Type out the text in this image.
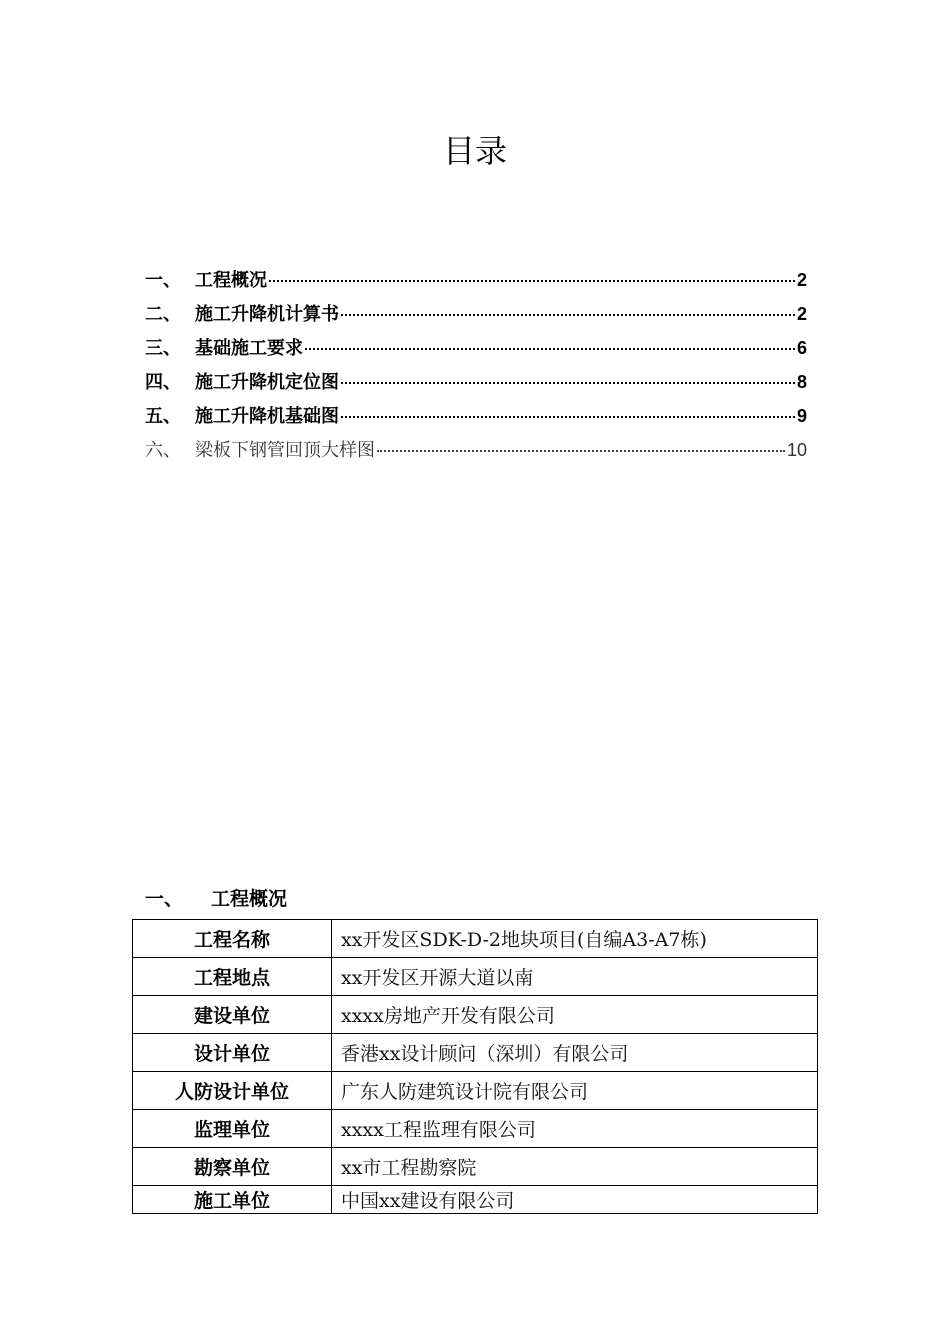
目录
一、 工程概况	2
二、 施工升降机计算书	2
三、 基础施工要求	6
四、 施工升降机定位图	8
五、 施工升降机基础图	9
六、 梁板下钢管回顶大样图	10
一、	工程概况
工程名称	xx开发区SDK-D-2地块项目(自编A3-A7栋)
工程地点	xx开发区开源大道以南
建设单位	xxxx房地产开发有限公司
设计单位	香港xx设计顾问（深圳）有限公司
人防设计单位	广东人防建筑设计院有限公司
监理单位	xxxx工程监理有限公司
勘察单位	xx市工程勘察院
施工单位	中国xx建设有限公司
